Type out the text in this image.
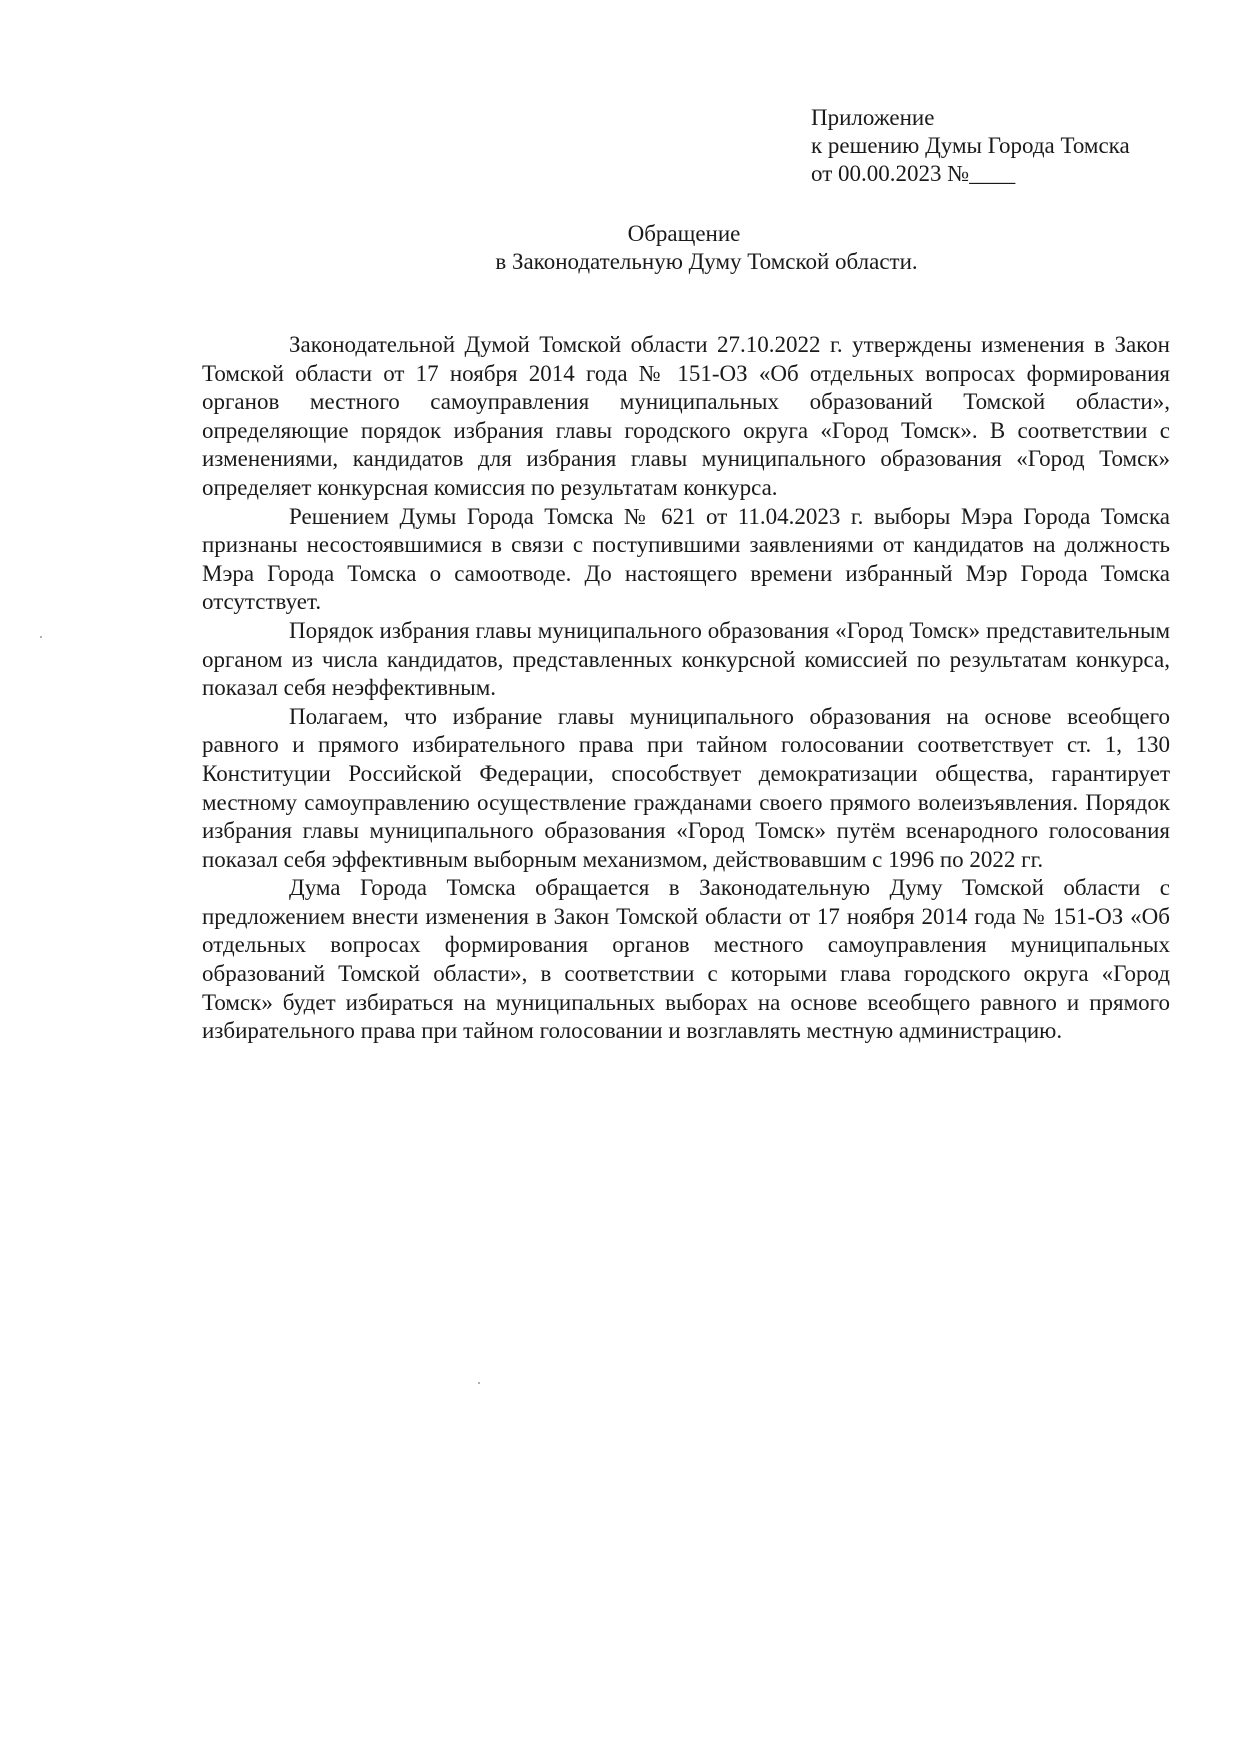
Приложение
к решению Думы Города Томска
от 00.00.2023 №____
Обращение
в Законодательную Думу Томской области.

Законодательной Думой Томской области 27.10.2022 г. утверждены изменения в Закон Томской области от 17 ноября 2014 года № 151-ОЗ «Об отдельных вопросах формирования органов местного самоуправления муниципальных образований Томской области», определяющие порядок избрания главы городского округа «Город Томск». В соответствии с изменениями, кандидатов для избрания главы муниципального образования «Город Томск» определяет конкурсная комиссия по результатам конкурса.

Решением Думы Города Томска № 621 от 11.04.2023 г. выборы Мэра Города Томска признаны несостоявшимися в связи с поступившими заявлениями от кандидатов на должность Мэра Города Томска о самоотводе. До настоящего времени избранный Мэр Города Томска отсутствует.

Порядок избрания главы муниципального образования «Город Томск» представительным органом из числа кандидатов, представленных конкурсной комиссией по результатам конкурса, показал себя неэффективным.

Полагаем, что избрание главы муниципального образования на основе всеобщего равного и прямого избирательного права при тайном голосовании соответствует ст. 1, 130 Конституции Российской Федерации, способствует демократизации общества, гарантирует местному самоуправлению осуществление гражданами своего прямого волеизъявления. Порядок избрания главы муниципального образования «Город Томск» путём всенародного голосования показал себя эффективным выборным механизмом, действовавшим с 1996 по 2022 гг.

Дума Города Томска обращается в Законодательную Думу Томской области с предложением внести изменения в Закон Томской области от 17 ноября 2014 года № 151-ОЗ «Об отдельных вопросах формирования органов местного самоуправления муниципальных образований Томской области», в соответствии с которыми глава городского округа «Город Томск» будет избираться на муниципальных выборах на основе всеобщего равного и прямого избирательного права при тайном голосовании и возглавлять местную администрацию.
